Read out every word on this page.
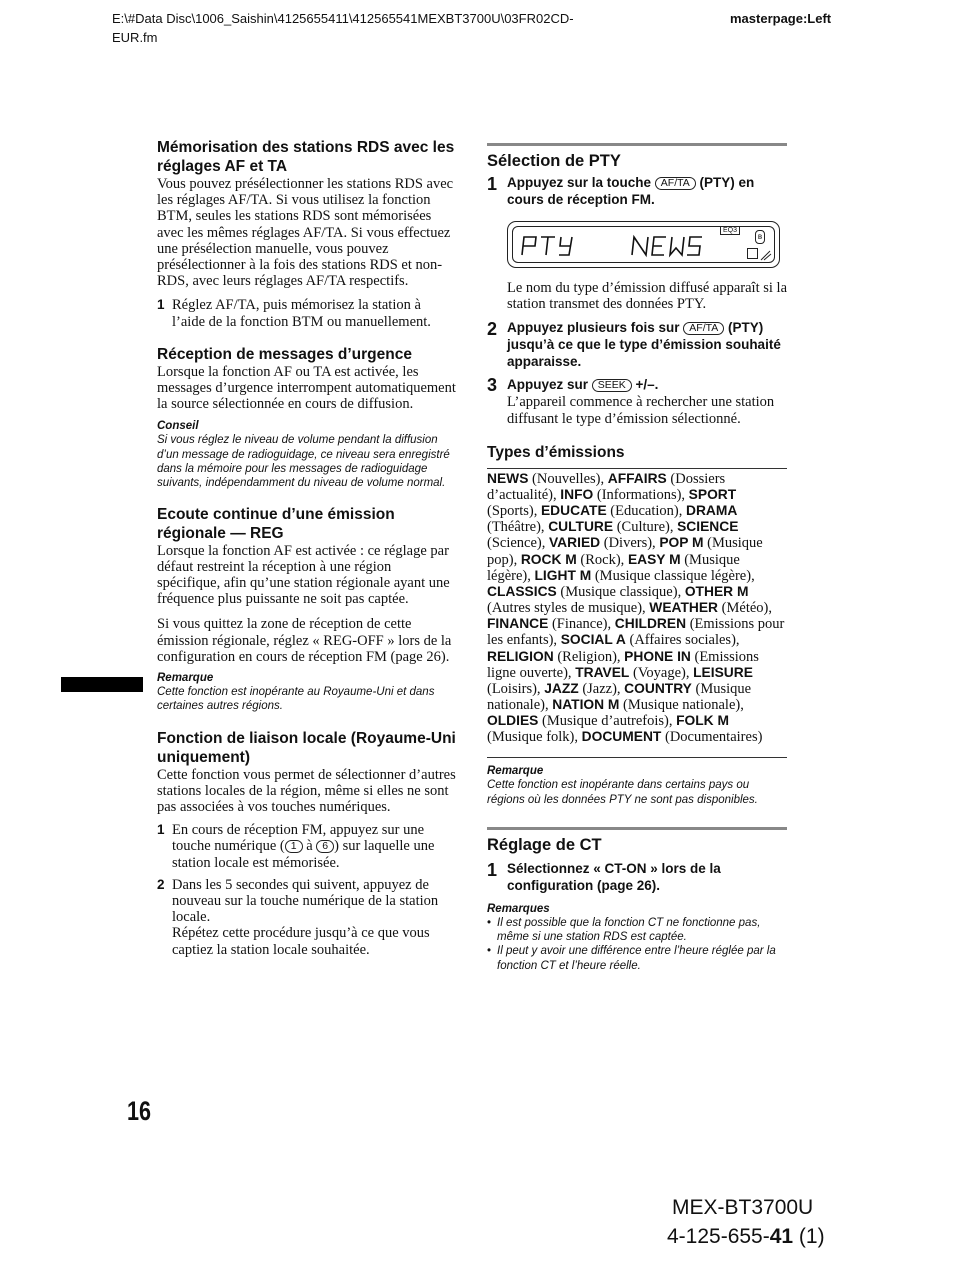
E:\#Data Disc\1006_Saishin\4125655411\412565541MEXBT3700U\03FR02CD-
EUR.fm
masterpage:Left
Mémorisation des stations RDS avec les réglages AF et TA

Vous pouvez présélectionner les stations RDS avec les réglages AF/TA. Si vous utilisez la fonction BTM, seules les stations RDS sont mémorisées avec les mêmes réglages AF/TA. Si vous effectuez une présélection manuelle, vous pouvez présélectionner à la fois des stations RDS et non-RDS, avec leurs réglages AF/TA respectifs.

1 Réglez AF/TA, puis mémorisez la station à l’aide de la fonction BTM ou manuellement.
Réception de messages d’urgence

Lorsque la fonction AF ou TA est activée, les messages d’urgence interrompent automatiquement la source sélectionnée en cours de diffusion.

Conseil
Si vous réglez le niveau de volume pendant la diffusion d’un message de radioguidage, ce niveau sera enregistré dans la mémoire pour les messages de radioguidage suivants, indépendamment du niveau de volume normal.
Ecoute continue d’une émission régionale — REG

Lorsque la fonction AF est activée : ce réglage par défaut restreint la réception à une région spécifique, afin qu’une station régionale ayant une fréquence plus puissante ne soit pas captée.

Si vous quittez la zone de réception de cette émission régionale, réglez « REG-OFF » lors de la configuration en cours de réception FM (page 26).

Remarque
Cette fonction est inopérante au Royaume-Uni et dans certaines autres régions.
Fonction de liaison locale (Royaume-Uni uniquement)

Cette fonction vous permet de sélectionner d’autres stations locales de la région, même si elles ne sont pas associées à vos touches numériques.

1 En cours de réception FM, appuyez sur une touche numérique ( 1 à 6 ) sur laquelle une station locale est mémorisée.
2 Dans les 5 secondes qui suivent, appuyez de nouveau sur la touche numérique de la station locale.
Répétez cette procédure jusqu’à ce que vous captiez la station locale souhaitée.
Sélection de PTY
1 Appuyez sur la touche AF/TA (PTY) en cours de réception FM.
EQ3
ʙ

Le nom du type d’émission diffusé apparaît si la station transmet des données PTY.

2 Appuyez plusieurs fois sur AF/TA (PTY) jusqu’à ce que le type d’émission souhaité apparaisse.
3 Appuyez sur SEEK +/–.

L’appareil commence à rechercher une station diffusant le type d’émission sélectionné.

Types d’émissions
NEWS (Nouvelles), AFFAIRS (Dossiers d’actualité), INFO (Informations), SPORT (Sports), EDUCATE (Education), DRAMA (Théâtre), CULTURE (Culture), SCIENCE (Science), VARIED (Divers), POP M (Musique pop), ROCK M (Rock), EASY M (Musique légère), LIGHT M (Musique classique légère), CLASSICS (Musique classique), OTHER M (Autres styles de musique), WEATHER (Météo), FINANCE (Finance), CHILDREN (Emissions pour les enfants), SOCIAL A (Affaires sociales), RELIGION (Religion), PHONE IN (Emissions ligne ouverte), TRAVEL (Voyage), LEISURE (Loisirs), JAZZ (Jazz), COUNTRY (Musique nationale), NATION M (Musique nationale), OLDIES (Musique d’autrefois), FOLK M (Musique folk), DOCUMENT (Documentaires)
Remarque
Cette fonction est inopérante dans certains pays ou régions où les données PTY ne sont pas disponibles.
Réglage de CT
1 Sélectionnez « CT-ON » lors de la configuration (page 26).
Remarques
• Il est possible que la fonction CT ne fonctionne pas, même si une station RDS est captée.
• Il peut y avoir une différence entre l’heure réglée par la fonction CT et l’heure réelle.
16
MEX-BT3700U
4-125-655-41 (1)
